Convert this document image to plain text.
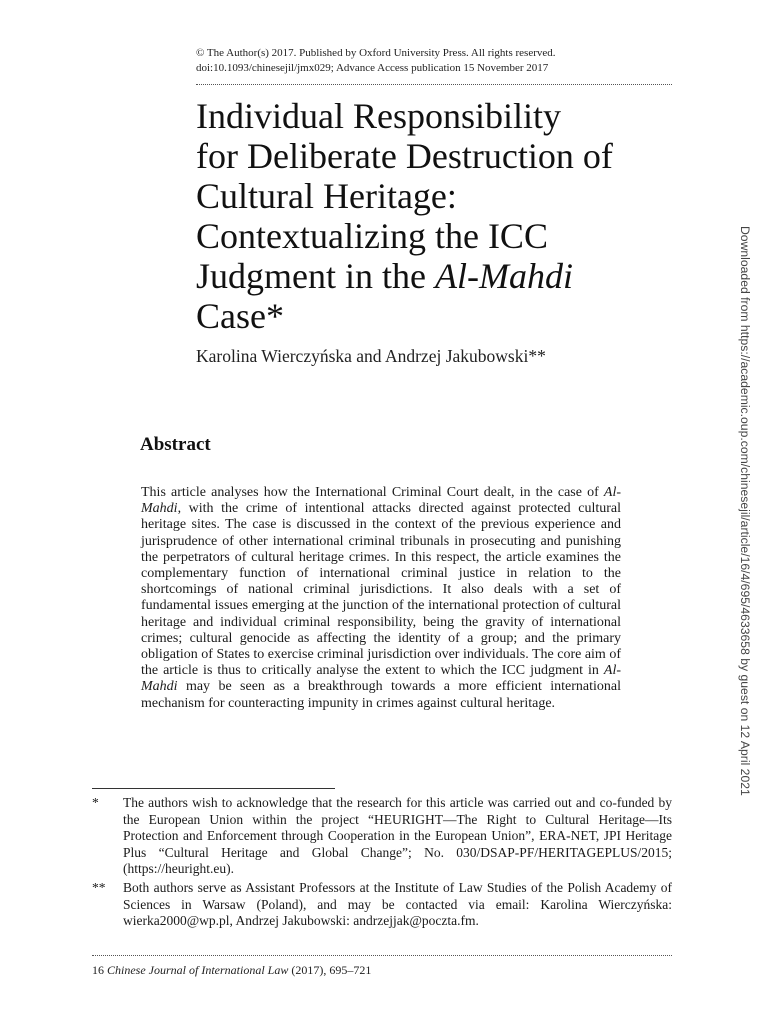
© The Author(s) 2017. Published by Oxford University Press. All rights reserved.
doi:10.1093/chinesejil/jmx029; Advance Access publication 15 November 2017
Individual Responsibility
for Deliberate Destruction of
Cultural Heritage:
Contextualizing the ICC
Judgment in the Al-Mahdi
Case*
Karolina Wierczyńska and Andrzej Jakubowski**
Abstract

This article analyses how the International Criminal Court dealt, in the case of Al-Mahdi, with the crime of intentional attacks directed against protected cultural heritage sites. The case is discussed in the context of the previous experience and jurisprudence of other international criminal tribunals in prosecuting and punishing the perpetrators of cultural heritage crimes. In this respect, the article examines the complementary function of international criminal justice in relation to the shortcomings of national criminal jurisdictions. It also deals with a set of fundamental issues emerging at the junction of the international protection of cultural heritage and individual criminal responsibility, being the gravity of international crimes; cultural genocide as affecting the identity of a group; and the primary obligation of States to exercise criminal jurisdiction over individuals. The core aim of the article is thus to critically analyse the extent to which the ICC judgment in Al-Mahdi may be seen as a breakthrough towards a more efficient international mechanism for counteracting impunity in crimes against cultural heritage.

*	The authors wish to acknowledge that the research for this article was carried out and co-funded by the European Union within the project “HEURIGHT—The Right to Cultural Heritage—Its Protection and Enforcement through Cooperation in the European Union”, ERA-NET, JPI Heritage Plus “Cultural Heritage and Global Change”; No. 030/DSAP-PF/HERITAGEPLUS/2015; (https://heuright.eu).
**	Both authors serve as Assistant Professors at the Institute of Law Studies of the Polish Academy of Sciences in Warsaw (Poland), and may be contacted via email: Karolina Wierczyńska: wierka2000@wp.pl, Andrzej Jakubowski: andrzejjak@poczta.fm.
16 Chinese Journal of International Law (2017), 695–721
Downloaded from https://academic.oup.com/chinesejil/article/16/4/695/4633658 by guest on 12 April 2021
